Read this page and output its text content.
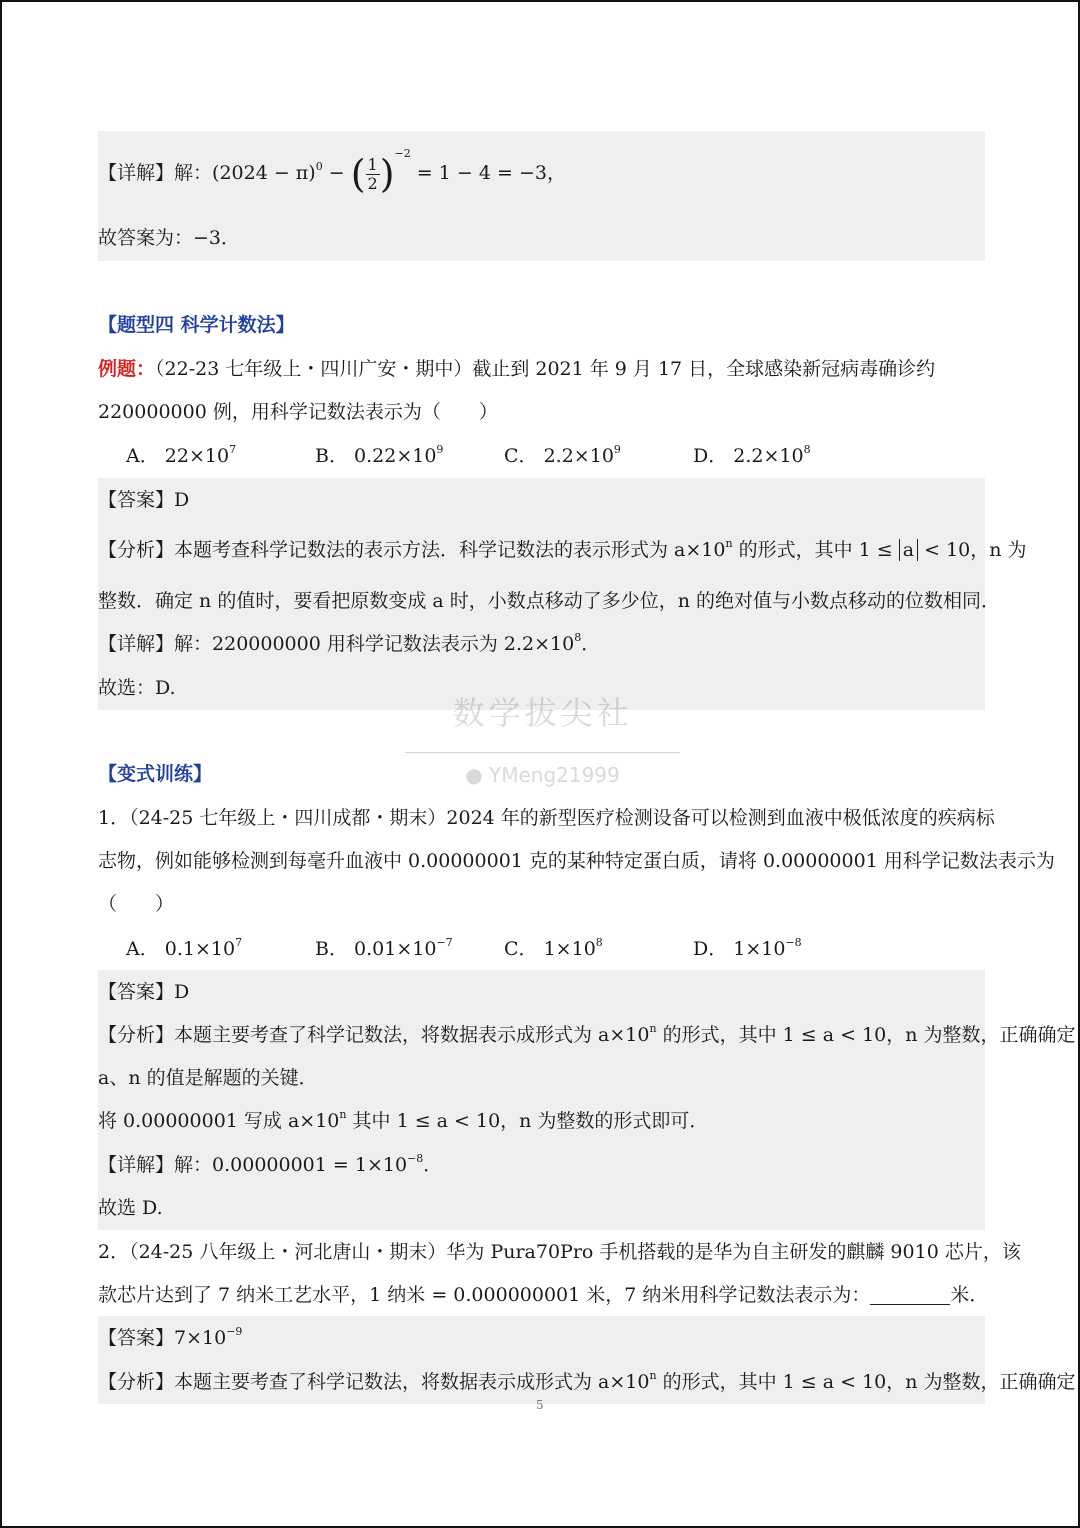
【详解】解：$(2024 - \pi)^0$ − ( $\frac{1}{2} )^{-2} = 1 - 4 = -3$，
故答案为：−3．
【题型四 科学计数法】
例题：（22-23 七年级上・四川广安・期中）截止到 2021 年 9 月 17 日，全球感染新冠病毒确诊约
220000000 例，用科学记数法表示为（　　）
A． $22\times 10^7$	B． $0.22\times 10^9$	C． $2.2\times 10^9$	D． $2.2\times 10^8$
【答案】D
【分析】本题考查科学记数法的表示方法．科学记数法的表示形式为 $a\times 10^n$ 的形式，其中 1 ≤ a < 10，n 为
整数．确定 n 的值时，要看把原数变成 a 时，小数点移动了多少位，n 的绝对值与小数点移动的位数相同．
【详解】解：220000000 用科学记数法表示为 $2.2\times 10^8$．
故选：D.
【变式训练】
1．（24-25 七年级上・四川成都・期末）2024 年的新型医疗检测设备可以检测到血液中极低浓度的疾病标
志物，例如能够检测到每毫升血液中 0.00000001 克的某种特定蛋白质，请将 0.00000001 用科学记数法表示为
（　　）
A． $0.1\times 10^7$	B． $0.01\times 10^{-7}$	C． $1\times 10^8$	D． $1\times 10^{-8}$
【答案】D
【分析】本题主要考查了科学记数法，将数据表示成形式为 $a\times 10^n$ 的形式，其中 1 ≤ a < 10，n 为整数，正确确定
a、n 的值是解题的关键．
将 0.00000001 写成 $a\times 10^n$ 其中 1 ≤ a < 10，n 为整数的形式即可．
【详解】解：$0.00000001 = 1\times 10^{-8}$．
故选 D.
2．（24-25 八年级上・河北唐山・期末）华为 Pura70Pro 手机搭载的是华为自主研发的麒麟 9010 芯片，该
款芯片达到了 7 纳米工艺水平，1 纳米 = 0.000000001 米，7 纳米用科学记数法表示为：	米．
【答案】$7\times 10^{-9}$
【分析】本题主要考查了科学记数法，将数据表示成形式为 $a\times 10^n$ 的形式，其中 1 ≤ a < 10，n 为整数，正确确定
数学拔尖社
● YMeng21999
5
